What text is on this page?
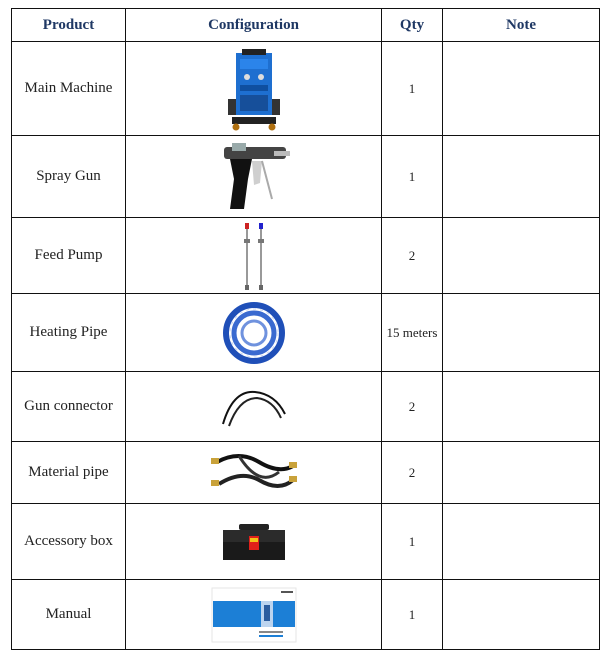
Product	Configuration	Qty	Note
Main Machine		1	
Spray Gun		1	
Feed Pump		2	
Heating Pipe		15 meters	
Gun connector		2	
Material pipe		2	
Accessory box		1	
Manual		1	
